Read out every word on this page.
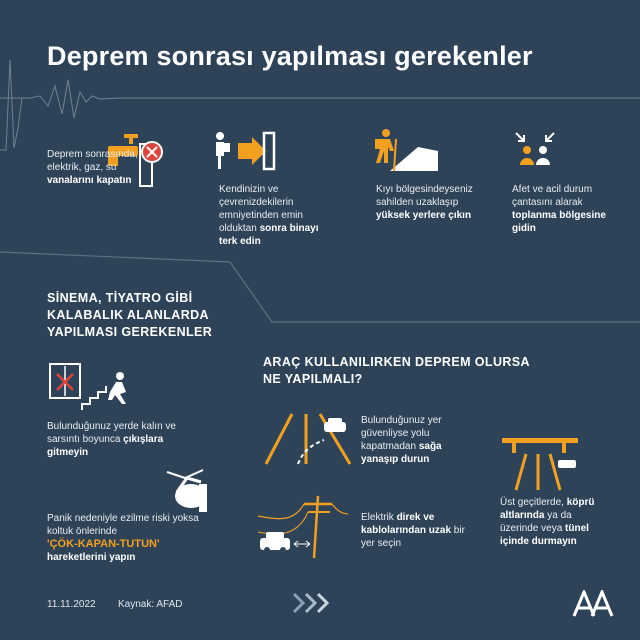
Deprem sonrası yapılması gerekenler
Deprem sonrasında, elektrik, gaz, su vanalarını kapatın
Kendinizin ve çevrenizdekilerin emniyetinden emin olduktan sonra binayı terk edin
Kıyı bölgesindeyseniz sahilden uzaklaşıp yüksek yerlere çıkın
Afet ve acil durum çantasını alarak toplanma bölgesine gidin
SİNEMA, TİYATRO GİBİ
KALABALIK ALANLARDA
YAPILMASI GEREKENLER
Bulunduğunuz yerde kalın ve sarsıntı boyunca çıkışlara gitmeyin
Panik nedeniyle ezilme riski yoksa koltuk önlerinde
'ÇÖK-KAPAN-TUTUN'
hareketlerini yapın
ARAÇ KULLANILIRKEN DEPREM OLURSA
NE YAPILMALI?
Bulunduğunuz yer güvenliyse yolu kapatmadan sağa yanaşıp durun
Üst geçitlerde, köprü altlarında ya da üzerinde veya tünel içinde durmayın
Elektrik direk ve kablolarından uzak bir yer seçin
11.11.2022 Kaynak: AFAD
